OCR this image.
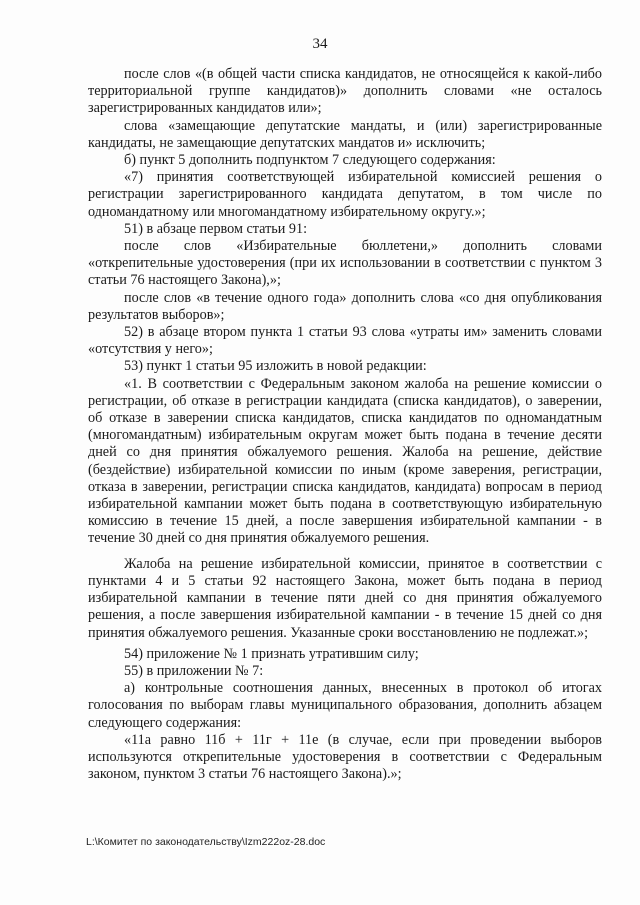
34

после слов «(в общей части списка кандидатов, не относящейся к какой-либо территориальной группе кандидатов)» дополнить словами «не осталось зарегистрированных кандидатов или»;

слова «замещающие депутатские мандаты, и (или) зарегистрированные кандидаты, не замещающие депутатских мандатов и» исключить;

б) пункт 5 дополнить подпунктом 7 следующего содержания:

«7) принятия соответствующей избирательной комиссией решения о регистрации зарегистрированного кандидата депутатом, в том числе по одномандатному или многомандатному избирательному округу.»;

51) в абзаце первом статьи 91:

после слов «Избирательные бюллетени,» дополнить словами «открепительные удостоверения (при их использовании в соответствии с пунктом 3 статьи 76 настоящего Закона),»;

после слов «в течение одного года» дополнить слова «со дня опубликования результатов выборов»;

52) в абзаце втором пункта 1 статьи 93 слова «утраты им» заменить словами «отсутствия у него»;

53) пункт 1 статьи 95 изложить в новой редакции:

«1. В соответствии с Федеральным законом жалоба на решение комиссии о регистрации, об отказе в регистрации кандидата (списка кандидатов), о заверении, об отказе в заверении списка кандидатов, списка кандидатов по одномандатным (многомандатным) избирательным округам может быть подана в течение десяти дней со дня принятия обжалуемого решения. Жалоба на решение, действие (бездействие) избирательной комиссии по иным (кроме заверения, регистрации, отказа в заверении, регистрации списка кандидатов, кандидата) вопросам в период избирательной кампании может быть подана в соответствующую избирательную комиссию в течение 15 дней, а после завершения избирательной кампании - в течение 30 дней со дня принятия обжалуемого решения.

Жалоба на решение избирательной комиссии, принятое в соответствии с пунктами 4 и 5 статьи 92 настоящего Закона, может быть подана в период избирательной кампании в течение пяти дней со дня принятия обжалуемого решения, а после завершения избирательной кампании - в течение 15 дней со дня принятия обжалуемого решения. Указанные сроки восстановлению не подлежат.»;

54) приложение № 1 признать утратившим силу;

55) в приложении № 7:

а) контрольные соотношения данных, внесенных в протокол об итогах голосования по выборам главы муниципального образования, дополнить абзацем следующего содержания:

«11а равно 11б + 11г + 11е (в случае, если при проведении выборов используются открепительные удостоверения в соответствии с Федеральным законом, пунктом 3 статьи 76 настоящего Закона).»;

L:\Комитет по законодательству\Izm222oz-28.doc
